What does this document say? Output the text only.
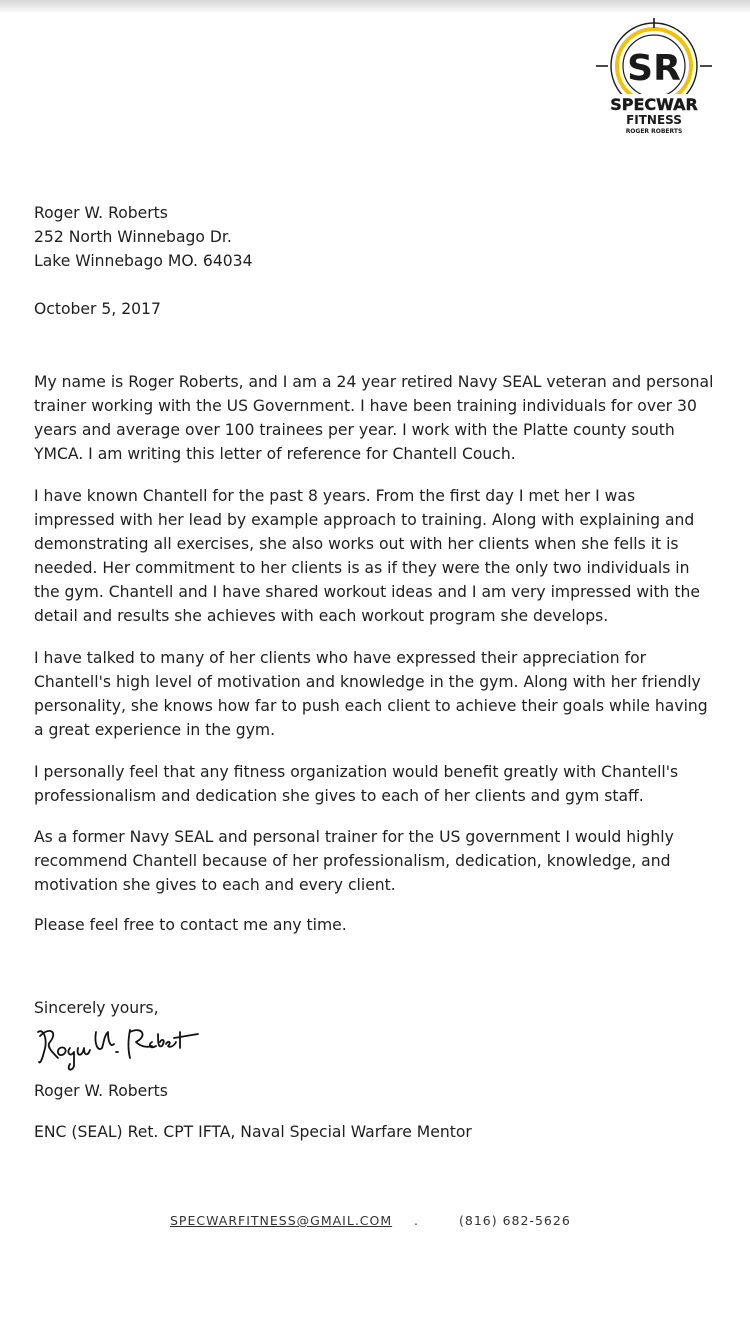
SR
SPECWAR
FITNESS
ROGER ROBERTS

Roger W. Roberts
252 North Winnebago Dr.
Lake Winnebago MO. 64034

October 5, 2017

My name is Roger Roberts, and I am a 24 year retired Navy SEAL veteran and personal
trainer working with the US Government. I have been training individuals for over 30
years and average over 100 trainees per year. I work with the Platte county south
YMCA. I am writing this letter of reference for Chantell Couch.

I have known Chantell for the past 8 years. From the first day I met her I was
impressed with her lead by example approach to training. Along with explaining and
demonstrating all exercises, she also works out with her clients when she fells it is
needed. Her commitment to her clients is as if they were the only two individuals in
the gym. Chantell and I have shared workout ideas and I am very impressed with the
detail and results she achieves with each workout program she develops.

I have talked to many of her clients who have expressed their appreciation for
Chantell's high level of motivation and knowledge in the gym. Along with her friendly
personality, she knows how far to push each client to achieve their goals while having
a great experience in the gym.

I personally feel that any fitness organization would benefit greatly with Chantell's
professionalism and dedication she gives to each of her clients and gym staff.

As a former Navy SEAL and personal trainer for the US government I would highly
recommend Chantell because of her professionalism, dedication, knowledge, and
motivation she gives to each and every client.

Please feel free to contact me any time.

Sincerely yours,

Roger W. Roberts

ENC (SEAL) Ret. CPT IFTA, Naval Special Warfare Mentor

SPECWARFITNESS@GMAIL.COM .	(816) 682-5626
